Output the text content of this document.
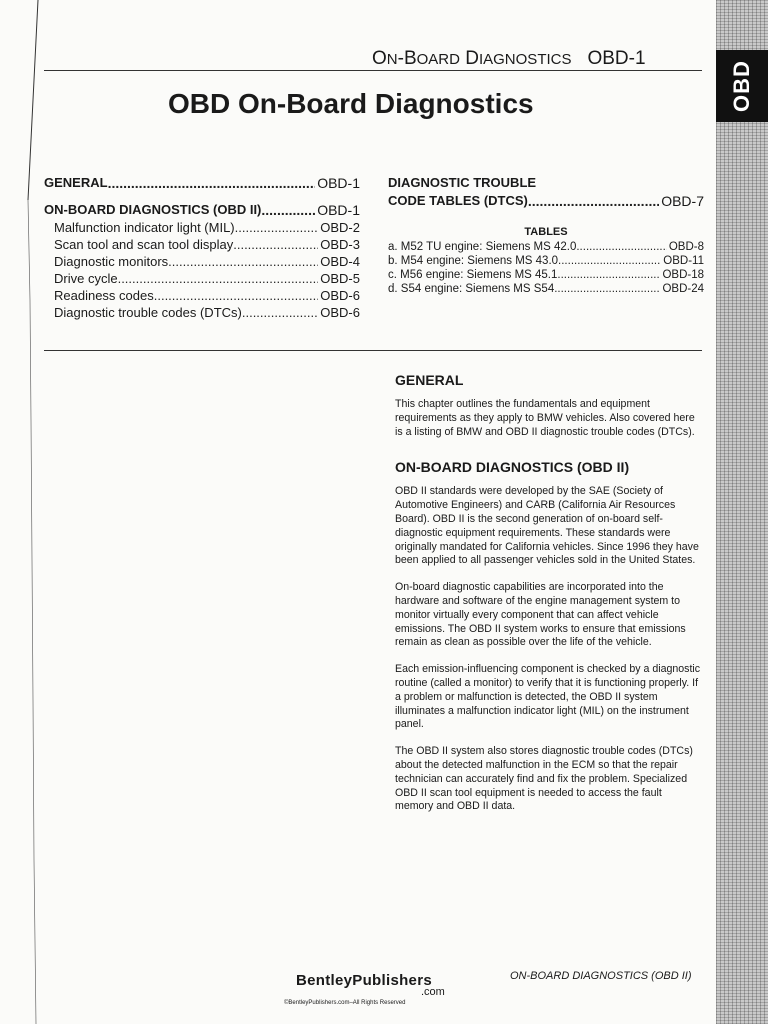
OBD
ON-BOARD DIAGNOSTICS OBD-1
OBD On-Board Diagnostics
GENERAL .....	OBD-1
ON-BOARD DIAGNOSTICS (OBD II) .....	OBD-1
Malfunction indicator light (MIL) .....	OBD-2
Scan tool and scan tool display .....	OBD-3
Diagnostic monitors .....	OBD-4
Drive cycle .....	OBD-5
Readiness codes .....	OBD-6
Diagnostic trouble codes (DTCs) .....	OBD-6
DIAGNOSTIC TROUBLE
CODE TABLES (DTCS) .....	OBD-7
TABLES
a. M52 TU engine: Siemens MS 42.0 .....	OBD-8
b. M54 engine: Siemens MS 43.0 .....	OBD-11
c. M56 engine: Siemens MS 45.1 .....	OBD-18
d. S54 engine: Siemens MS S54 .....	OBD-24
GENERAL

This chapter outlines the fundamentals and equipment requirements as they apply to BMW vehicles. Also covered here is a listing of BMW and OBD II diagnostic trouble codes (DTCs).

ON-BOARD DIAGNOSTICS (OBD II)

OBD II standards were developed by the SAE (Society of Automotive Engineers) and CARB (California Air Resources Board). OBD II is the second generation of on-board self-diagnostic equipment requirements. These standards were originally mandated for California vehicles. Since 1996 they have been applied to all passenger vehicles sold in the United States.

On-board diagnostic capabilities are incorporated into the hardware and software of the engine management system to monitor virtually every component that can affect vehicle emissions. The OBD II system works to ensure that emissions remain as clean as possible over the life of the vehicle.

Each emission-influencing component is checked by a diagnostic routine (called a monitor) to verify that it is functioning properly. If a problem or malfunction is detected, the OBD II system illuminates a malfunction indicator light (MIL) on the instrument panel.

The OBD II system also stores diagnostic trouble codes (DTCs) about the detected malfunction in the ECM so that the repair technician can accurately find and fix the problem. Specialized OBD II scan tool equipment is needed to access the fault memory and OBD II data.

BentleyPublishers
.com
©BentleyPublishers.com–All Rights Reserved
ON-BOARD DIAGNOSTICS (OBD II)
